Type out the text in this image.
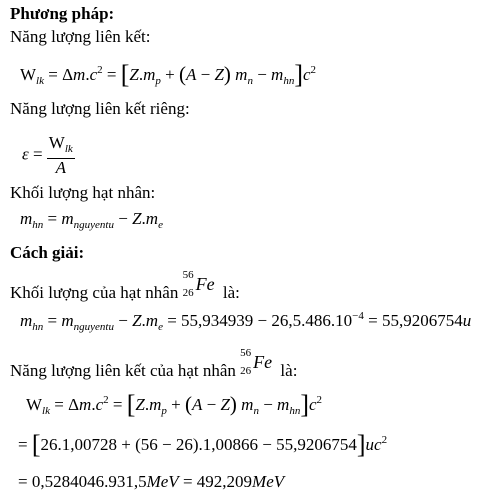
Phương pháp:
Năng lượng liên kết:
$W_{lk} = \Delta m.c^2 = [Z.m_p + (A - Z) m_n - m_{hn}]c^2$
Năng lượng liên kết riêng:
$\varepsilon = \frac{W_{lk}}{A}$
Khối lượng hạt nhân:
$m_{hn} = m_{nguyentu} - Z.m_e$
Cách giải:
Khối lượng của hạt nhân
56
26 Fe là:
$m_{hn} = m_{nguyentu} - Z.m_e = 55,934939 - 26,5.486.10^{-4} = 55,9206754u$
Năng lượng liên kết của hạt nhân
56
26 Fe là:
$W_{lk} = \Delta m.c^2 = [Z.m_p + (A - Z) m_n - m_{hn}]c^2$
= $[26.1,00728 + (56 - 26).1,00866 - 55,9206754]uc^2$
= 0,5284046.931,5MeV = 492,209MeV
